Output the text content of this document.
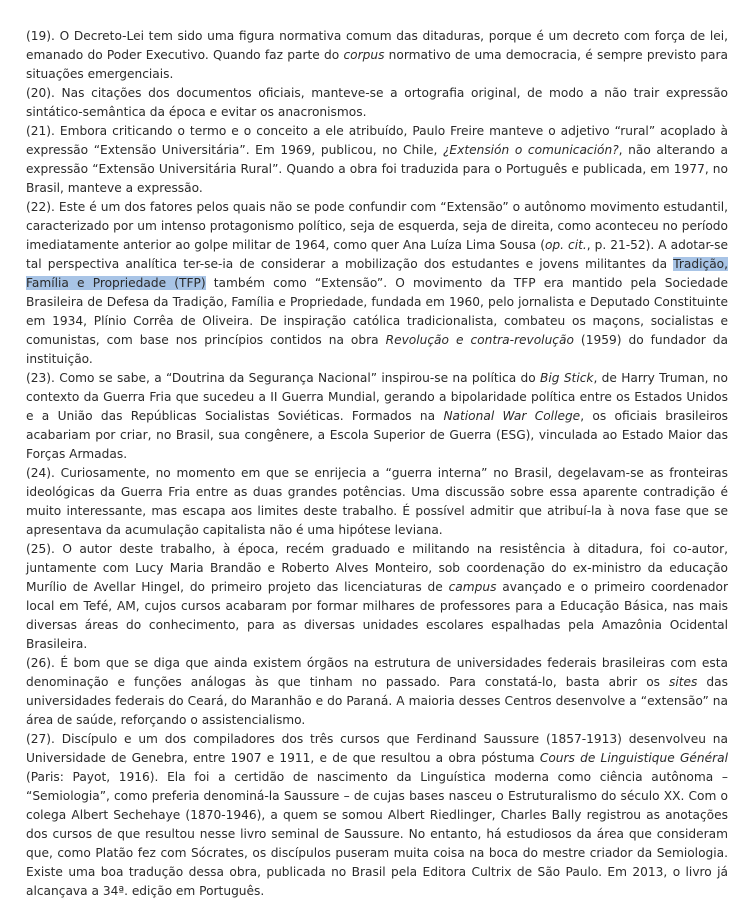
(19). O Decreto-Lei tem sido uma figura normativa comum das ditaduras, porque é um decreto com força de lei, emanado do Poder Executivo. Quando faz parte do corpus normativo de uma democracia, é sempre previsto para situações emergenciais.

(20). Nas citações dos documentos oficiais, manteve-se a ortografia original, de modo a não trair expressão sintático-semântica da época e evitar os anacronismos.

(21). Embora criticando o termo e o conceito a ele atribuído, Paulo Freire manteve o adjetivo “rural” acoplado à expressão “Extensão Universitária”. Em 1969, publicou, no Chile, ¿Extensión o comunicación?, não alterando a expressão “Extensão Universitária Rural”. Quando a obra foi traduzida para o Português e publicada, em 1977, no Brasil, manteve a expressão.

(22). Este é um dos fatores pelos quais não se pode confundir com “Extensão” o autônomo movimento estudantil, caracterizado por um intenso protagonismo político, seja de esquerda, seja de direita, como aconteceu no período imediatamente anterior ao golpe militar de 1964, como quer Ana Luíza Lima Sousa (op. cit., p. 21-52). A adotar-se tal perspectiva analítica ter-se-ia de considerar a mobilização dos estudantes e jovens militantes da Tradição, Família e Propriedade (TFP) também como “Extensão”. O movimento da TFP era mantido pela Sociedade Brasileira de Defesa da Tradição, Família e Propriedade, fundada em 1960, pelo jornalista e Deputado Constituinte em 1934, Plínio Corrêa de Oliveira. De inspiração católica tradicionalista, combateu os maçons, socialistas e comunistas, com base nos princípios contidos na obra Revolução e contra-revolução (1959) do fundador da instituição.

(23). Como se sabe, a “Doutrina da Segurança Nacional” inspirou-se na política do Big Stick, de Harry Truman, no contexto da Guerra Fria que sucedeu a II Guerra Mundial, gerando a bipolaridade política entre os Estados Unidos e a União das Repúblicas Socialistas Soviéticas. Formados na National War College, os oficiais brasileiros acabariam por criar, no Brasil, sua congênere, a Escola Superior de Guerra (ESG), vinculada ao Estado Maior das Forças Armadas.

(24). Curiosamente, no momento em que se enrijecia a “guerra interna” no Brasil, degelavam-se as fronteiras ideológicas da Guerra Fria entre as duas grandes potências. Uma discussão sobre essa aparente contradição é muito interessante, mas escapa aos limites deste trabalho. É possível admitir que atribuí-la à nova fase que se apresentava da acumulação capitalista não é uma hipótese leviana.

(25). O autor deste trabalho, à época, recém graduado e militando na resistência à ditadura, foi co-autor, juntamente com Lucy Maria Brandão e Roberto Alves Monteiro, sob coordenação do ex-ministro da educação Murílio de Avellar Hingel, do primeiro projeto das licenciaturas de campus avançado e o primeiro coordenador local em Tefé, AM, cujos cursos acabaram por formar milhares de professores para a Educação Básica, nas mais diversas áreas do conhecimento, para as diversas unidades escolares espalhadas pela Amazônia Ocidental Brasileira.

(26). É bom que se diga que ainda existem órgãos na estrutura de universidades federais brasileiras com esta denominação e funções análogas às que tinham no passado. Para constatá-lo, basta abrir os sites das universidades federais do Ceará, do Maranhão e do Paraná. A maioria desses Centros desenvolve a “extensão” na área de saúde, reforçando o assistencialismo.

(27). Discípulo e um dos compiladores dos três cursos que Ferdinand Saussure (1857-1913) desenvolveu na Universidade de Genebra, entre 1907 e 1911, e de que resultou a obra póstuma Cours de Linguistique Général (Paris: Payot, 1916). Ela foi a certidão de nascimento da Linguística moderna como ciência autônoma – “Semiologia”, como preferia denominá-la Saussure – de cujas bases nasceu o Estruturalismo do século XX. Com o colega Albert Sechehaye (1870-1946), a quem se somou Albert Riedlinger, Charles Bally registrou as anotações dos cursos de que resultou nesse livro seminal de Saussure. No entanto, há estudiosos da área que consideram que, como Platão fez com Sócrates, os discípulos puseram muita coisa na boca do mestre criador da Semiologia. Existe uma boa tradução dessa obra, publicada no Brasil pela Editora Cultrix de São Paulo. Em 2013, o livro já alcançava a 34ª. edição em Português.
